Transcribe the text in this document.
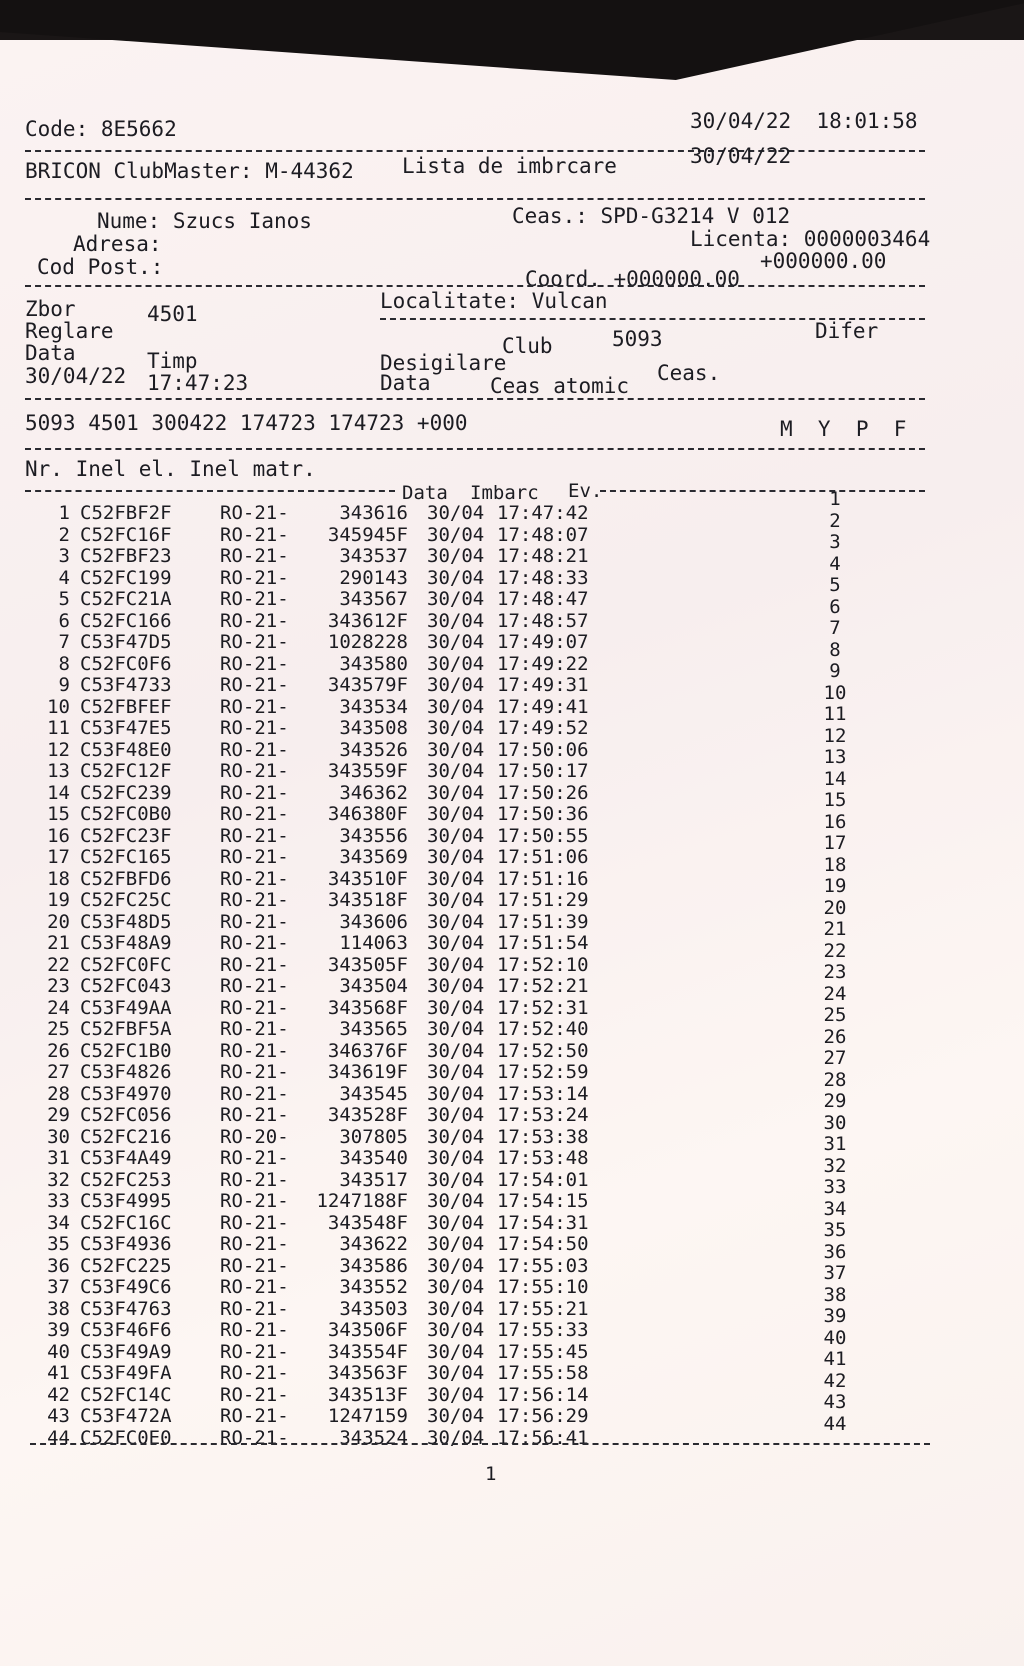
Code: 8E5662	30/04/22  18:01:58
BRICON ClubMaster: M-44362 Lista de imbrcare	30/04/22
Ceas.: SPD-G3214 V 012
Nume: Szucs Ianos
Licenta: 0000003464
Adresa:
+000000.00
Cod Post.:	Coord. +000000.00
Localitate: Vulcan
Zbor	4501
Reglare	Difer
5093
Club
Data	Timp	Desigilare	Ceas.
30/04/22 17:47:23	Data	Ceas atomic
5093 4501 300422 174723 174723 +000	M  Y  P  F
Nr. Inel el. Inel matr.
Data Imbarc Ev.
1 C52FBF2F	RO-21-	343616 30/04 17:47:42
1
2 C52FC16F	RO-21-	345945F 30/04 17:48:07
2
3 C52FBF23	RO-21-	343537 30/04 17:48:21
3
4 C52FC199	RO-21-	290143 30/04 17:48:33
4
5 C52FC21A	RO-21-	343567 30/04 17:48:47
5
6 C52FC166	RO-21-	343612F 30/04 17:48:57
6
7 C53F47D5	RO-21-	1028228 30/04 17:49:07
7
8 C52FC0F6	RO-21-	343580 30/04 17:49:22
8
9 C53F4733	RO-21-	343579F 30/04 17:49:31
9
10 C52FBFEF	RO-21-	343534 30/04 17:49:41
10
11 C53F47E5	RO-21-	343508 30/04 17:49:52
11
12 C53F48E0	RO-21-	343526 30/04 17:50:06
12
13 C52FC12F	RO-21-	343559F 30/04 17:50:17
13
14 C52FC239	RO-21-	346362 30/04 17:50:26
14
15 C52FC0B0	RO-21-	346380F 30/04 17:50:36
15
16 C52FC23F	RO-21-	343556 30/04 17:50:55
16
17 C52FC165	RO-21-	343569 30/04 17:51:06
17
18 C52FBFD6	RO-21-	343510F 30/04 17:51:16
18
19 C52FC25C	RO-21-	343518F 30/04 17:51:29
19
20 C53F48D5	RO-21-	343606 30/04 17:51:39
20
21 C53F48A9	RO-21-	114063 30/04 17:51:54
21
22 C52FC0FC	RO-21-	343505F 30/04 17:52:10
22
23 C52FC043	RO-21-	343504 30/04 17:52:21
23
24 C53F49AA	RO-21-	343568F 30/04 17:52:31
24
25 C52FBF5A	RO-21-	343565 30/04 17:52:40
25
26 C52FC1B0	RO-21-	346376F 30/04 17:52:50
26
27 C53F4826	RO-21-	343619F 30/04 17:52:59
27
28 C53F4970	RO-21-	343545 30/04 17:53:14
28
29 C52FC056	RO-21-	343528F 30/04 17:53:24
29
30 C52FC216	RO-20-	307805 30/04 17:53:38
30
31 C53F4A49	RO-21-	343540 30/04 17:53:48
31
32 C52FC253	RO-21-	343517 30/04 17:54:01
32
33 C53F4995	RO-21-	1247188F 30/04 17:54:15
33
34 C52FC16C	RO-21-	343548F 30/04 17:54:31
34
35 C53F4936	RO-21-	343622 30/04 17:54:50
35
36 C52FC225	RO-21-	343586 30/04 17:55:03
36
37 C53F49C6	RO-21-	343552 30/04 17:55:10
37
38 C53F4763	RO-21-	343503 30/04 17:55:21
38
39 C53F46F6	RO-21-	343506F 30/04 17:55:33
39
40 C53F49A9	RO-21-	343554F 30/04 17:55:45
40
41 C53F49FA	RO-21-	343563F 30/04 17:55:58
41
42 C52FC14C	RO-21-	343513F 30/04 17:56:14
42
43 C53F472A	RO-21-	1247159 30/04 17:56:29
43
44 C52FC0E0	RO-21-	343524 30/04 17:56:41
44
1
